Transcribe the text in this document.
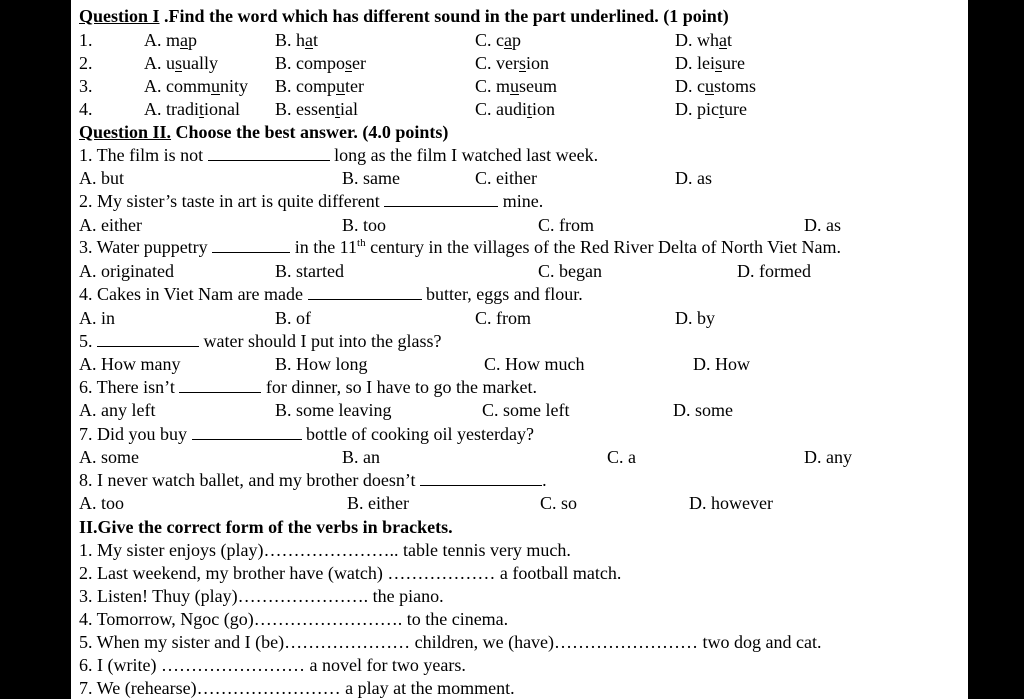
Question I .Find the word which has different sound in the part underlined. (1 point)
1.	A. map	B. hat	C. cap	D. what
2.	A. usually	B. composer	C. version	D. leisure
3.	A. community B. computer	C. museum	D. customs
4.	A. traditional B. essential	C. audition	D. picture
Question II. Choose the best answer. (4.0 points)
1. The film is not	long as the film I watched last week.
A. but	B. same	C. either	D. as
2. My sister’s taste in art is quite different	mine.
A. either	B. too	C. from	D. as
3. Water puppetry	in the 11th century in the villages of the Red River Delta of North Viet Nam.
A. originated	B. started	C. began	D. formed
4. Cakes in Viet Nam are made	butter, eggs and flour.
A. in	B. of	C. from	D. by
5.	water should I put into the glass?
A. How many	B. How long	C. How much	D. How
6. There isn’t	for dinner, so I have to go the market.
A. any left	B. some leaving	C. some left	D. some
7. Did you buy	bottle of cooking oil yesterday?
A. some	B. an	C. a	D. any
8. I never watch ballet, and my brother doesn’t	.
A. too	B. either	C. so	D. however
II.Give the correct form of the verbs in brackets.
1. My sister enjoys (play)………………….. table tennis very much.
2. Last weekend, my brother have (watch) ……………… a football match.
3. Listen! Thuy (play)…………………. the piano.
4. Tomorrow, Ngoc (go)……………………. to the cinema.
5. When my sister and I (be)………………… children, we (have)…………………… two dog and cat.
6. I (write) …………………… a novel for two years.
7. We (rehearse)…………………… a play at the momment.
